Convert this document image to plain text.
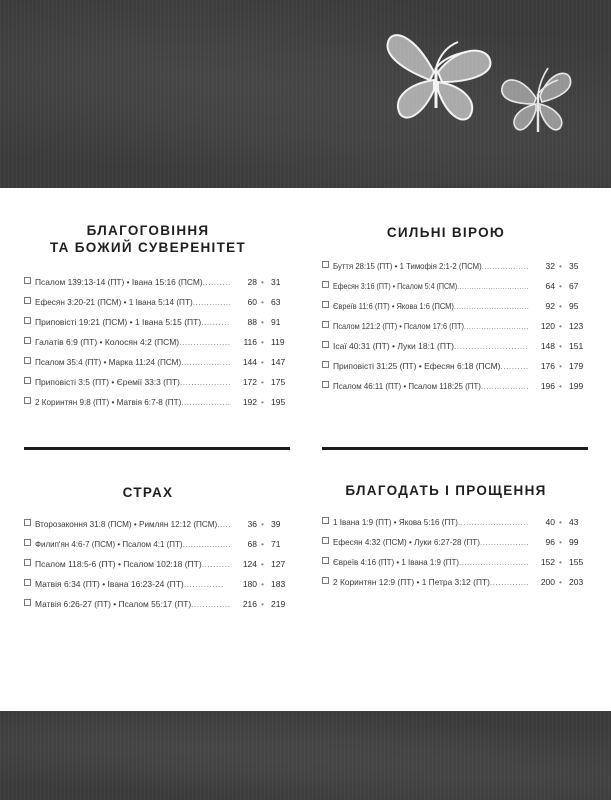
БЛАГОГОВІННЯ
ТА БОЖИЙ СУВЕРЕНІТЕТ
Псалом 139:13-14 (ПТ) • Івана 15:16 (ПСМ)..........	28 • 31
Ефесян 3:20-21 (ПСМ) • 1 Івана 5:14 (ПТ)..............	60 • 63
Приповісті 19:21 (ПСМ) • 1 Івана 5:15 (ПТ)..........	88 • 91
Галатів 6:9 (ПТ) • Колосян 4:2 (ПСМ)..................	116 • 119
Псалом 35:4 (ПТ) • Марка 11:24 (ПСМ)..................	144 • 147
Приповісті 3:5 (ПТ) • Єремії 33:3 (ПТ)..................	172 • 175
2 Коринтян 9:8 (ПТ) • Матвія 6:7-8 (ПТ)..................	192 • 195
СИЛЬНІ ВІРОЮ
Буття 28:15 (ПТ) • 1 Тимофія 2:1-2 (ПСМ)..................	32 • 35
Ефесян 3:16 (ПТ) • Псалом 5:4 (ПСМ)..............................	64 • 67
Євреїв 11:6 (ПТ) • Якова 1:6 (ПСМ)..............................	92 • 95
Псалом 121:2 (ПТ) • Псалом 17:6 (ПТ)..........................	120 • 123
Ісаї 40:31 (ПТ) • Луки 18:1 (ПТ)..........................	148 • 151
Приповісті 31:25 (ПТ) • Ефесян 6:18 (ПСМ)..........	176 • 179
Псалом 46:11 (ПТ) • Псалом 118:25 (ПТ)..................	196 • 199
СТРАХ
Второзаконня 31:8 (ПСМ) • Римлян 12:12 (ПСМ).....	36 • 39
Филип'ян 4:6-7 (ПСМ) • Псалом 4:1 (ПТ)..................	68 • 71
Псалом 118:5-6 (ПТ) • Псалом 102:18 (ПТ)..........	124 • 127
Матвія 6:34 (ПТ) • Івана 16:23-24 (ПТ)..............	180 • 183
Матвія 6:26-27 (ПТ) • Псалом 55:17 (ПТ)..............	216 • 219
БЛАГОДАТЬ І ПРОЩЕННЯ
1 Івана 1:9 (ПТ) • Якова 5:16 (ПТ)..........................	40 • 43
Ефесян 4:32 (ПСМ) • Луки 6:27-28 (ПТ)..................	96 • 99
Євреїв 4:16 (ПТ) • 1 Івана 1:9 (ПТ)..........................	152 • 155
2 Коринтян 12:9 (ПТ) • 1 Петра 3:12 (ПТ)..............	200 • 203
